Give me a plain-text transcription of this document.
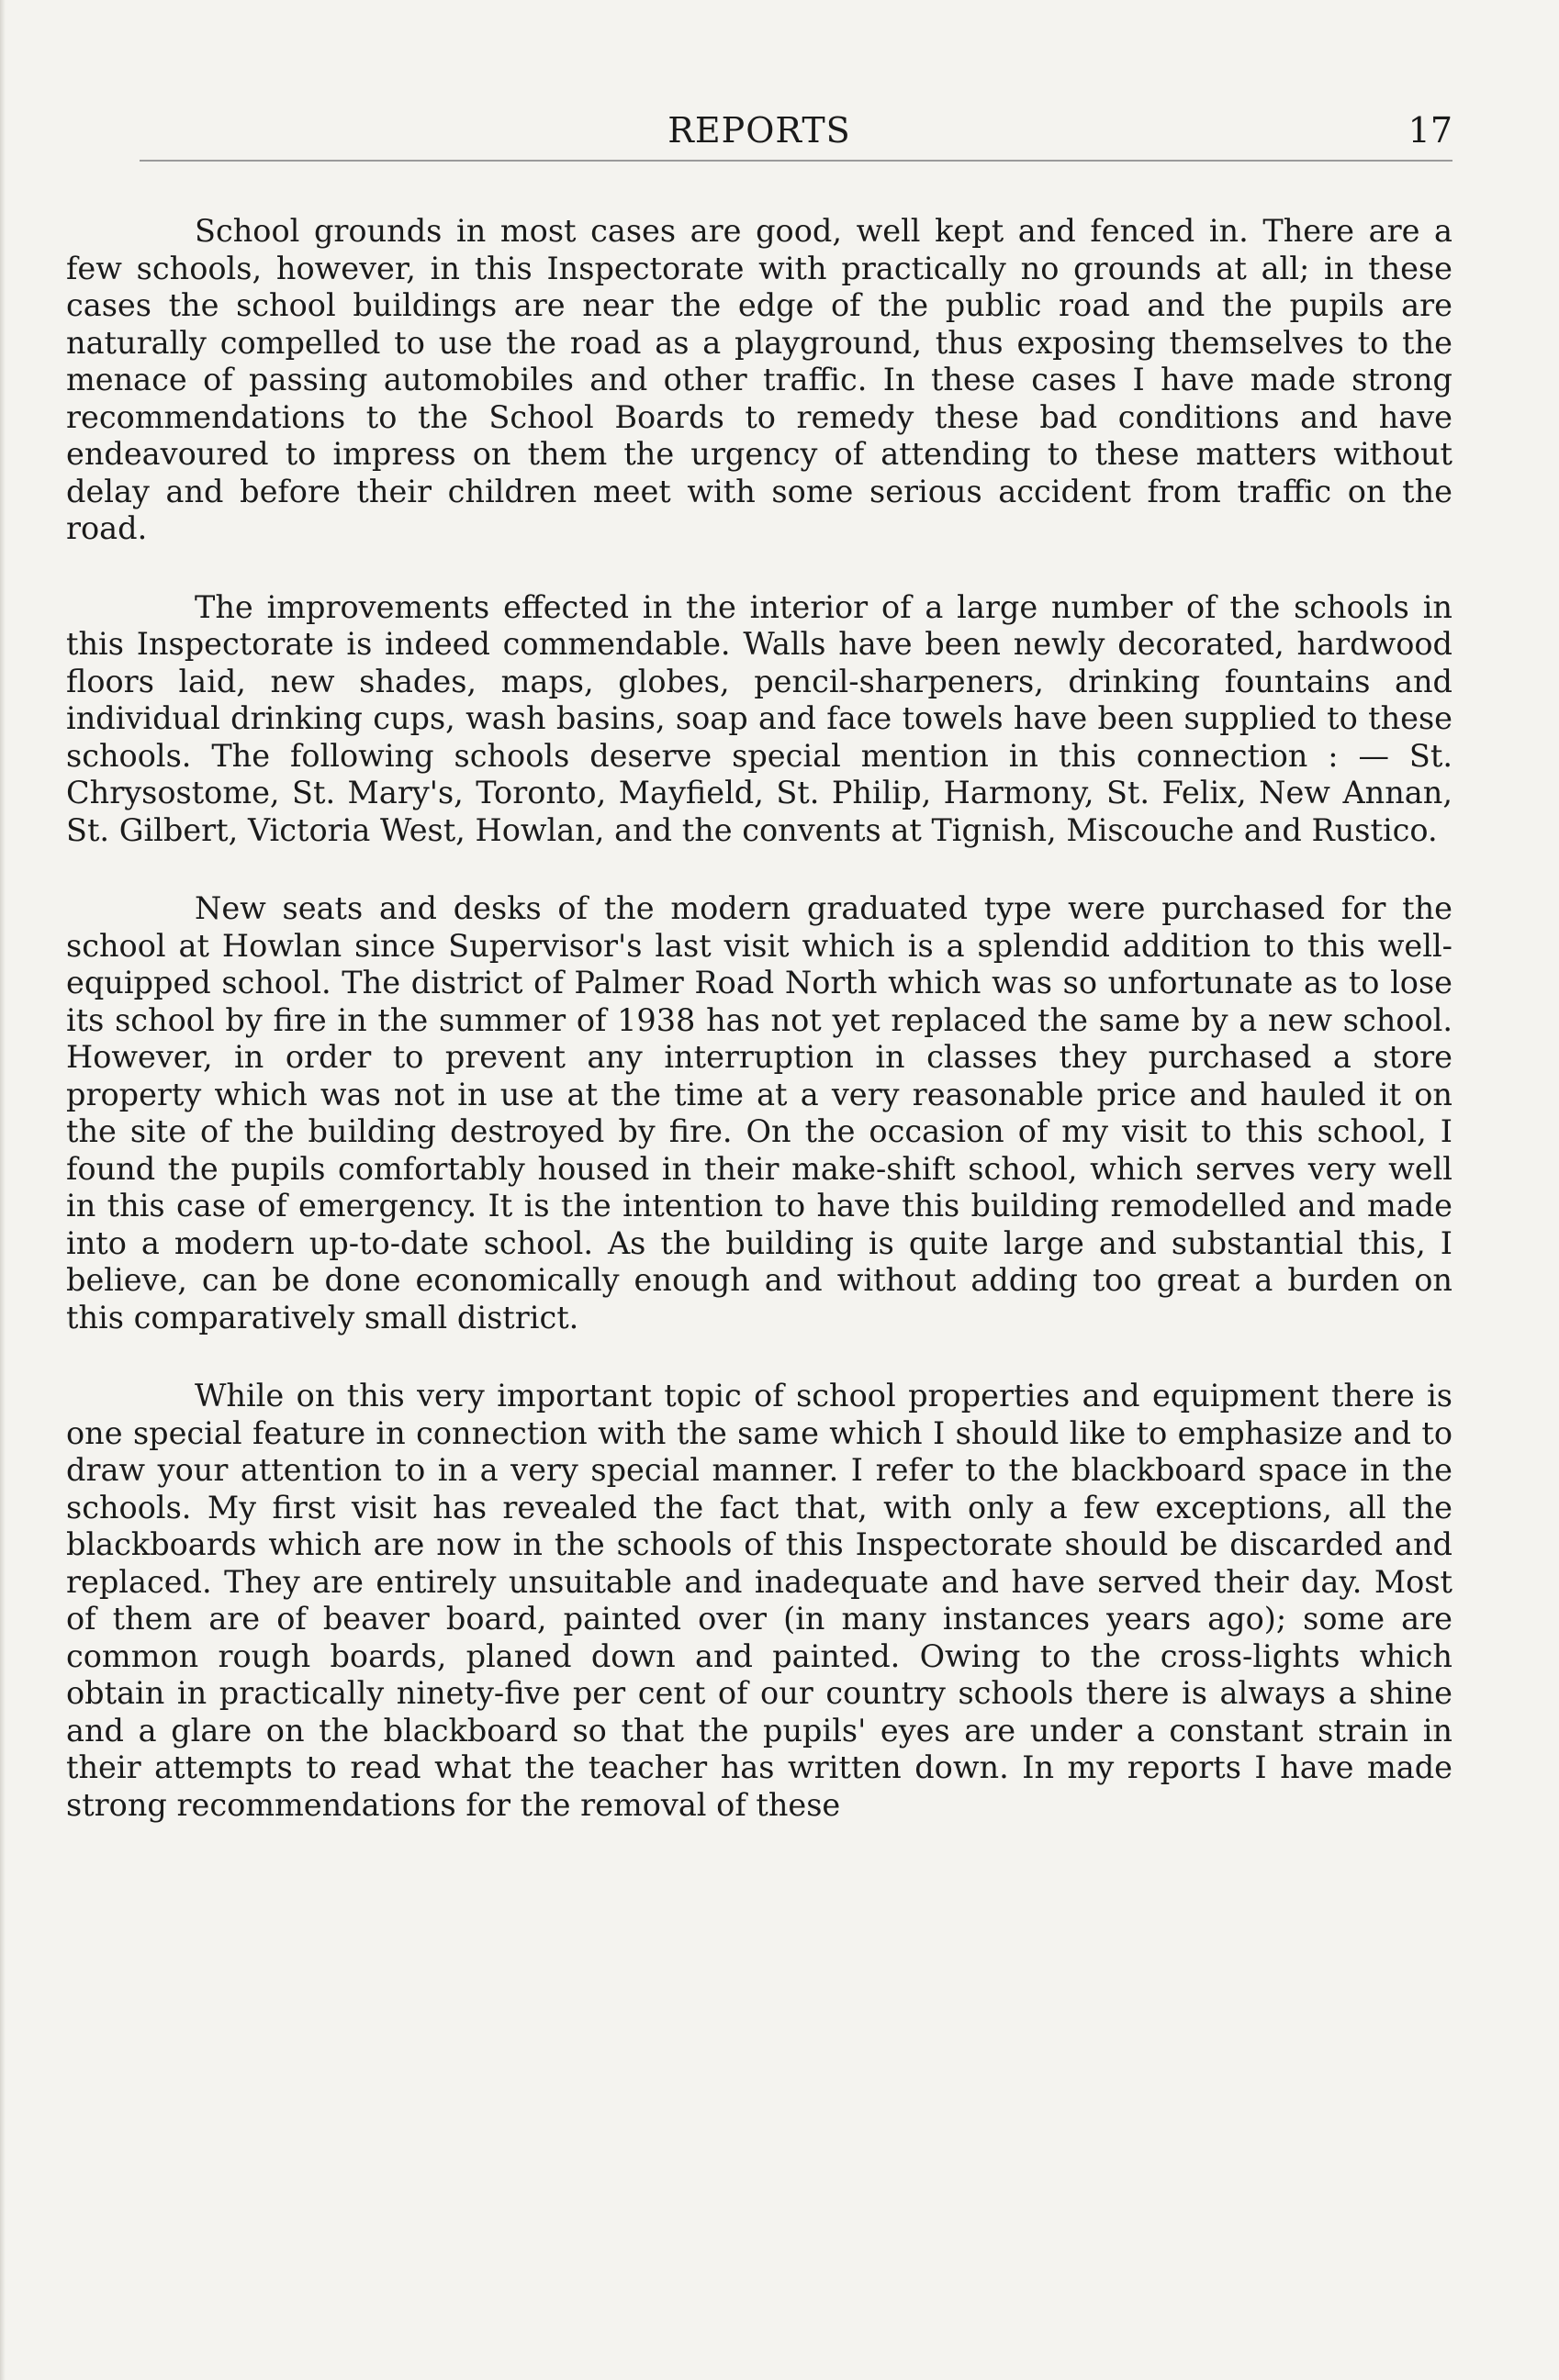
REPORTS	17

School grounds in most cases are good, well kept and fenced in. There are a few schools, however, in this Inspectorate with practically no grounds at all; in these cases the school buildings are near the edge of the public road and the pupils are naturally compelled to use the road as a playground, thus exposing themselves to the menace of passing automobiles and other traffic. In these cases I have made strong recommendations to the School Boards to remedy these bad conditions and have endeavoured to impress on them the urgency of attending to these matters without delay and before their children meet with some serious accident from traffic on the road.

The improvements effected in the interior of a large number of the schools in this Inspectorate is indeed commendable. Walls have been newly decorated, hardwood floors laid, new shades, maps, globes, pencil-sharpeners, drinking fountains and individual drinking cups, wash basins, soap and face towels have been supplied to these schools. The following schools deserve special mention in this connection : — St. Chrysostome, St. Mary's, Toronto, Mayfield, St. Philip, Harmony, St. Felix, New Annan, St. Gilbert, Victoria West, Howlan, and the convents at Tignish, Miscouche and Rustico.

New seats and desks of the modern graduated type were purchased for the school at Howlan since Supervisor's last visit which is a splendid addition to this well-equipped school. The district of Palmer Road North which was so unfortunate as to lose its school by fire in the summer of 1938 has not yet replaced the same by a new school. However, in order to prevent any interruption in classes they purchased a store property which was not in use at the time at a very reasonable price and hauled it on the site of the building destroyed by fire. On the occasion of my visit to this school, I found the pupils comfortably housed in their make-shift school, which serves very well in this case of emergency. It is the intention to have this building remodelled and made into a modern up-to-date school. As the building is quite large and substantial this, I believe, can be done economically enough and without adding too great a burden on this comparatively small district.

While on this very important topic of school properties and equipment there is one special feature in connection with the same which I should like to emphasize and to draw your attention to in a very special manner. I refer to the blackboard space in the schools. My first visit has revealed the fact that, with only a few exceptions, all the blackboards which are now in the schools of this Inspectorate should be discarded and replaced. They are entirely unsuitable and inadequate and have served their day. Most of them are of beaver board, painted over (in many instances years ago); some are common rough boards, planed down and painted. Owing to the cross-lights which obtain in practically ninety-five per cent of our country schools there is always a shine and a glare on the blackboard so that the pupils' eyes are under a constant strain in their attempts to read what the teacher has written down. In my reports I have made strong recommendations for the removal of these
